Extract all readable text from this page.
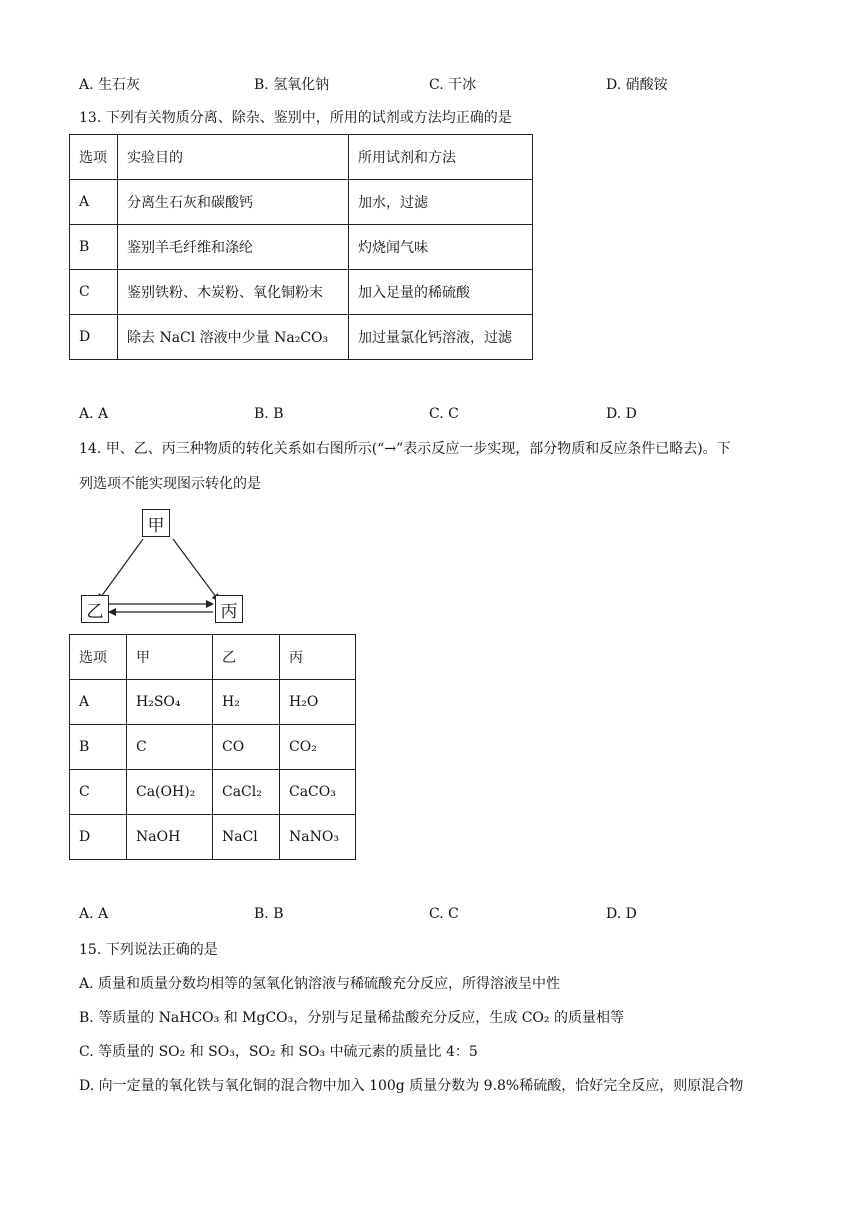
A. 生石灰	B. 氢氧化钠	C. 干冰	D. 硝酸铵
13. 下列有关物质分离、除杂、鉴别中，所用的试剂或方法均正确的是
选项	实验目的	所用试剂和方法
A	分离生石灰和碳酸钙	加水，过滤
B	鉴别羊毛纤维和涤纶	灼烧闻气味
C	鉴别铁粉、木炭粉、氧化铜粉末	加入足量的稀硫酸
D	除去 NaCl 溶液中少量 Na₂CO₃	加过量氯化钙溶液，过滤
A. A	B. B	C. C	D. D
14. 甲、乙、丙三种物质的转化关系如右图所示(“→”表示反应一步实现，部分物质和反应条件已略去)。下
列选项不能实现图示转化的是
甲
乙	丙
选项	甲	乙	丙
A	H₂SO₄	H₂	H₂O
B	C	CO	CO₂
C	Ca(OH)₂	CaCl₂	CaCO₃
D	NaOH	NaCl	NaNO₃
A. A	B. B	C. C	D. D
15. 下列说法正确的是
A. 质量和质量分数均相等的氢氧化钠溶液与稀硫酸充分反应，所得溶液呈中性
B. 等质量的 NaHCO₃ 和 MgCO₃，分别与足量稀盐酸充分反应，生成 CO₂ 的质量相等
C. 等质量的 SO₂ 和 SO₃，SO₂ 和 SO₃ 中硫元素的质量比 4：5
D. 向一定量的氧化铁与氧化铜的混合物中加入 100g 质量分数为 9.8%稀硫酸，恰好完全反应，则原混合物
